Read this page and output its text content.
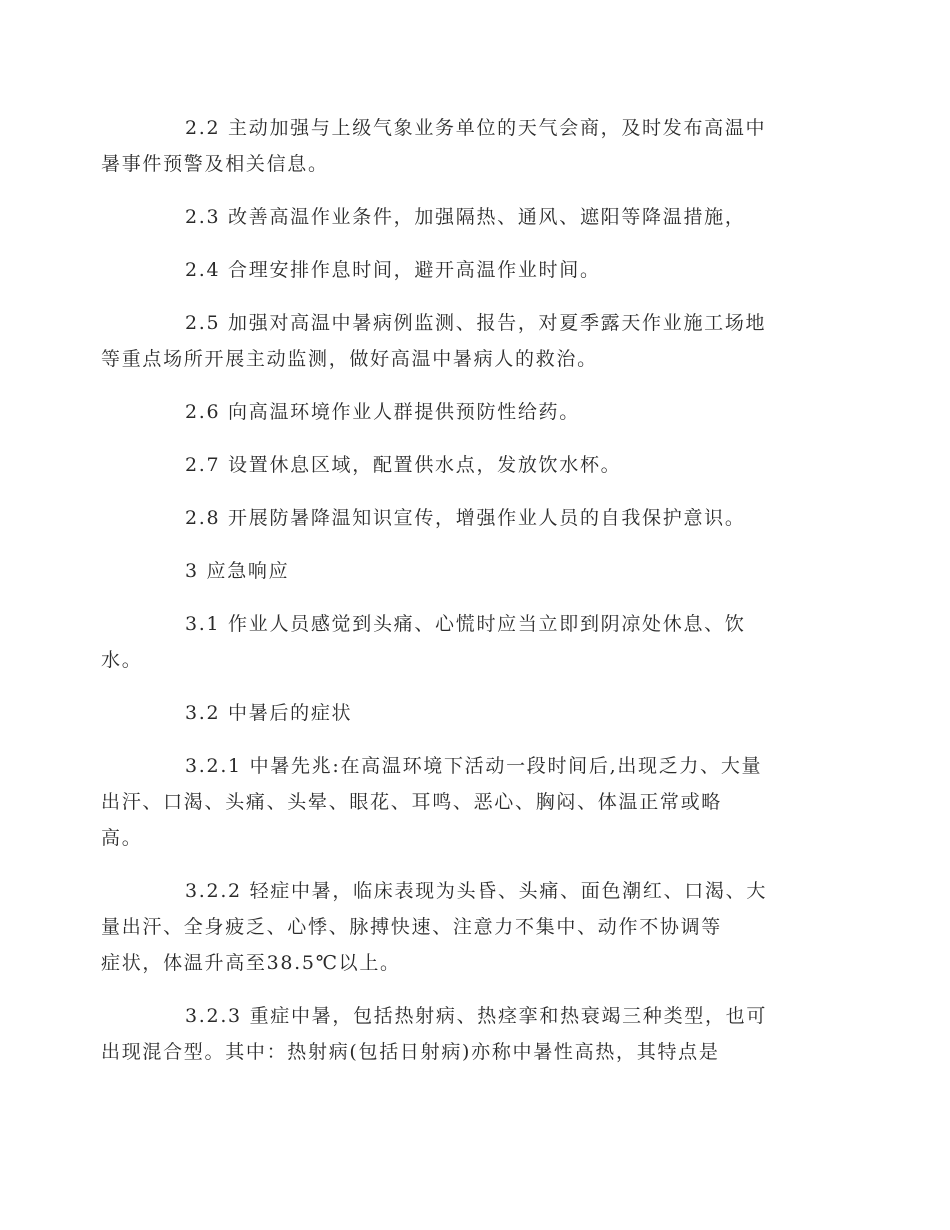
2.2 主动加强与上级气象业务单位的天气会商，及时发布高温中
暑事件预警及相关信息。

2.3 改善高温作业条件，加强隔热、通风、遮阳等降温措施，

2.4 合理安排作息时间，避开高温作业时间。

2.5 加强对高温中暑病例监测、报告，对夏季露天作业施工场地
等重点场所开展主动监测，做好高温中暑病人的救治。

2.6 向高温环境作业人群提供预防性给药。

2.7 设置休息区域，配置供水点，发放饮水杯。

2.8 开展防暑降温知识宣传，增强作业人员的自我保护意识。

3 应急响应

3.1 作业人员感觉到头痛、心慌时应当立即到阴凉处休息、饮
水。

3.2 中暑后的症状

3.2.1 中暑先兆:在高温环境下活动一段时间后,出现乏力、大量
出汗、口渴、头痛、头晕、眼花、耳鸣、恶心、胸闷、体温正常或略
高。

3.2.2 轻症中暑，临床表现为头昏、头痛、面色潮红、口渴、大
量出汗、全身疲乏、心悸、脉搏快速、注意力不集中、动作不协调等
症状，体温升高至38.5℃以上。

3.2.3 重症中暑，包括热射病、热痉挛和热衰竭三种类型，也可
出现混合型。其中：热射病(包括日射病)亦称中暑性高热，其特点是
